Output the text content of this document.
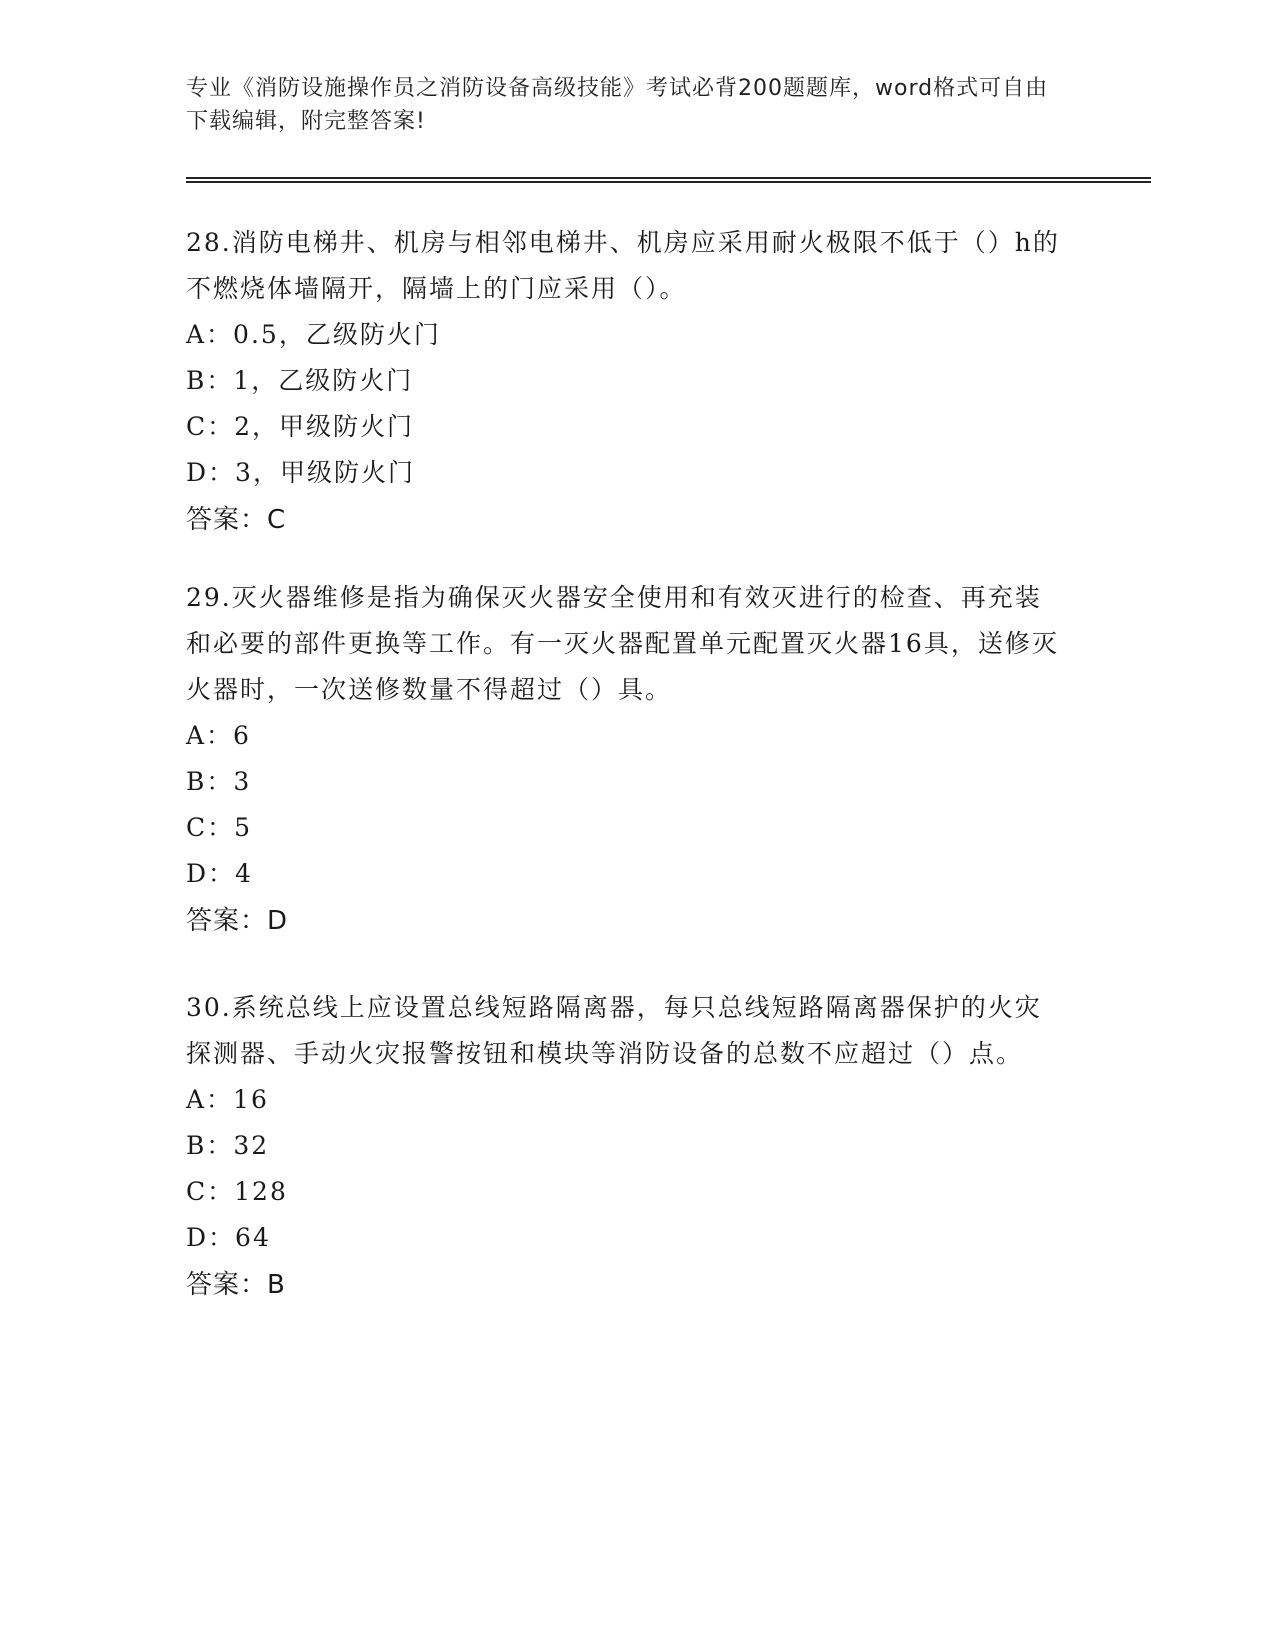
专业《消防设施操作员之消防设备高级技能》考试必背200题题库，word格式可自由下载编辑，附完整答案!

28.消防电梯井、机房与相邻电梯井、机房应采用耐火极限不低于（）h的不燃烧体墙隔开，隔墙上的门应采用（）。

A：0.5，乙级防火门

B：1，乙级防火门

C：2，甲级防火门

D：3，甲级防火门

答案：C

29.灭火器维修是指为确保灭火器安全使用和有效灭进行的检查、再充装和必要的部件更换等工作。有一灭火器配置单元配置灭火器16具，送修灭火器时，一次送修数量不得超过（）具。

A：6

B：3

C：5

D：4

答案：D

30.系统总线上应设置总线短路隔离器，每只总线短路隔离器保护的火灾探测器、手动火灾报警按钮和模块等消防设备的总数不应超过（）点。

A：16

B：32

C：128

D：64

答案：B
